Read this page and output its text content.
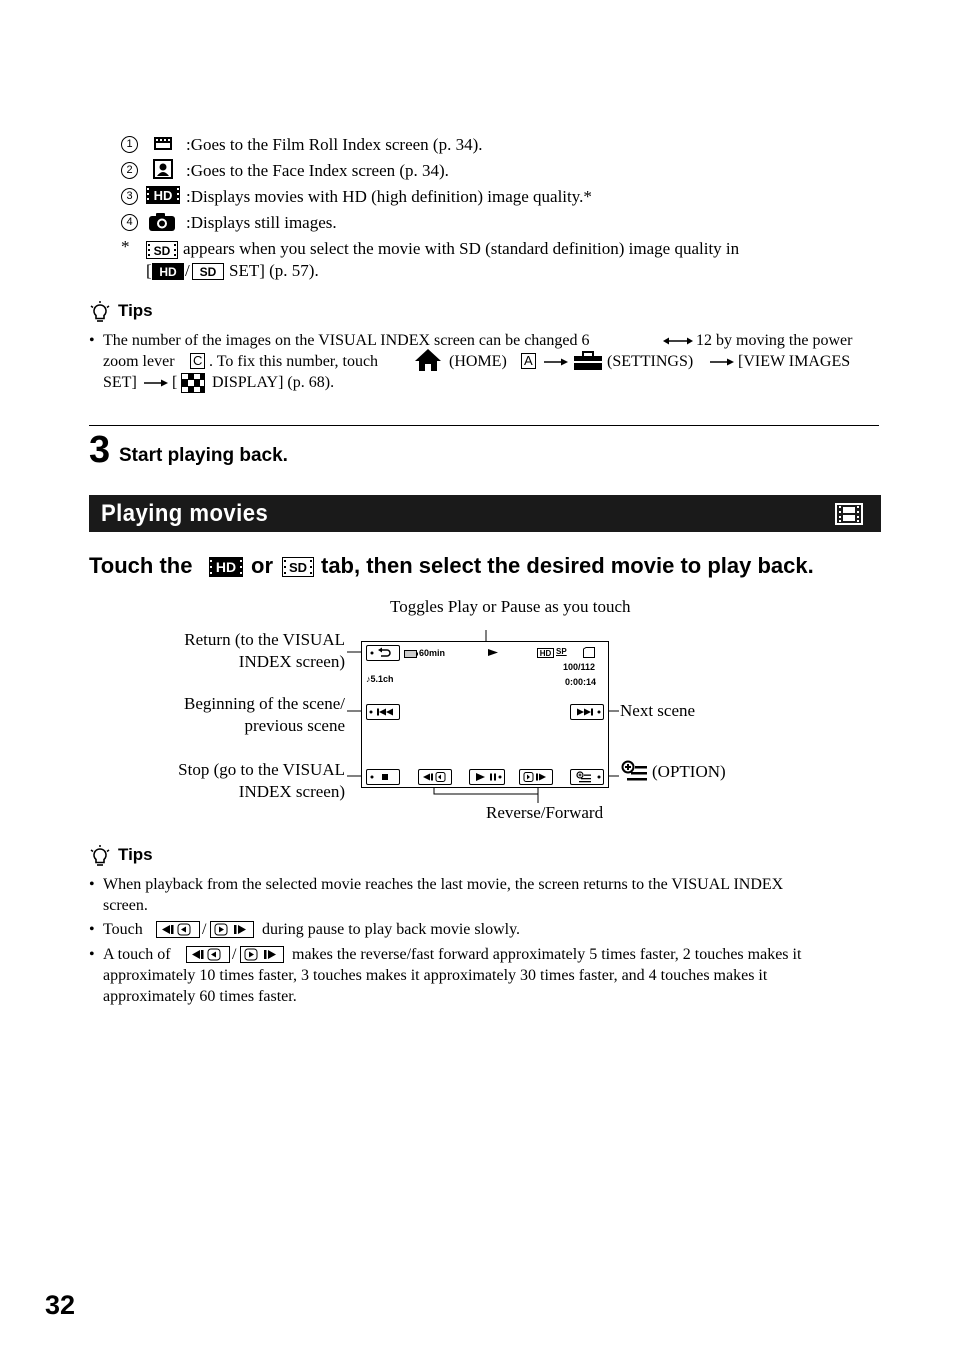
1	:Goes to the Film Roll Index screen (p. 34).
2	:Goes to the Face Index screen (p. 34).
3	HD :Displays movies with HD (high definition) image quality.*
4	:Displays still images.
* SD appears when you select the movie with SD (standard definition) image quality in
[ HD / SD SET] (p. 57).
Tips
• The number of the images on the VISUAL INDEX screen can be changed 6	12 by moving the power
zoom lever C . To fix this number, touch	(HOME) A	(SETTINGS)	[VIEW IMAGES
SET] [ DISPLAY] (p. 68).
3 Start playing back.
Playing movies
Touch the HD or SD tab, then select the desired movie to play back.
Toggles Play or Pause as you touch
Return (to the VISUAL
INDEX screen)
Beginning of the scene/
previous scene
Stop (go to the VISUAL
INDEX screen)
Next scene
(OPTION)
Reverse/Forward
60min	HD SP
100/112
0:00:14
♪5.1ch
Tips
• When playback from the selected movie reaches the last movie, the screen returns to the VISUAL INDEX
screen.
• Touch	/	during pause to play back movie slowly.
• A touch of	/	makes the reverse/fast forward approximately 5 times faster, 2 touches makes it
approximately 10 times faster, 3 touches makes it approximately 30 times faster, and 4 touches makes it
approximately 60 times faster.
32
